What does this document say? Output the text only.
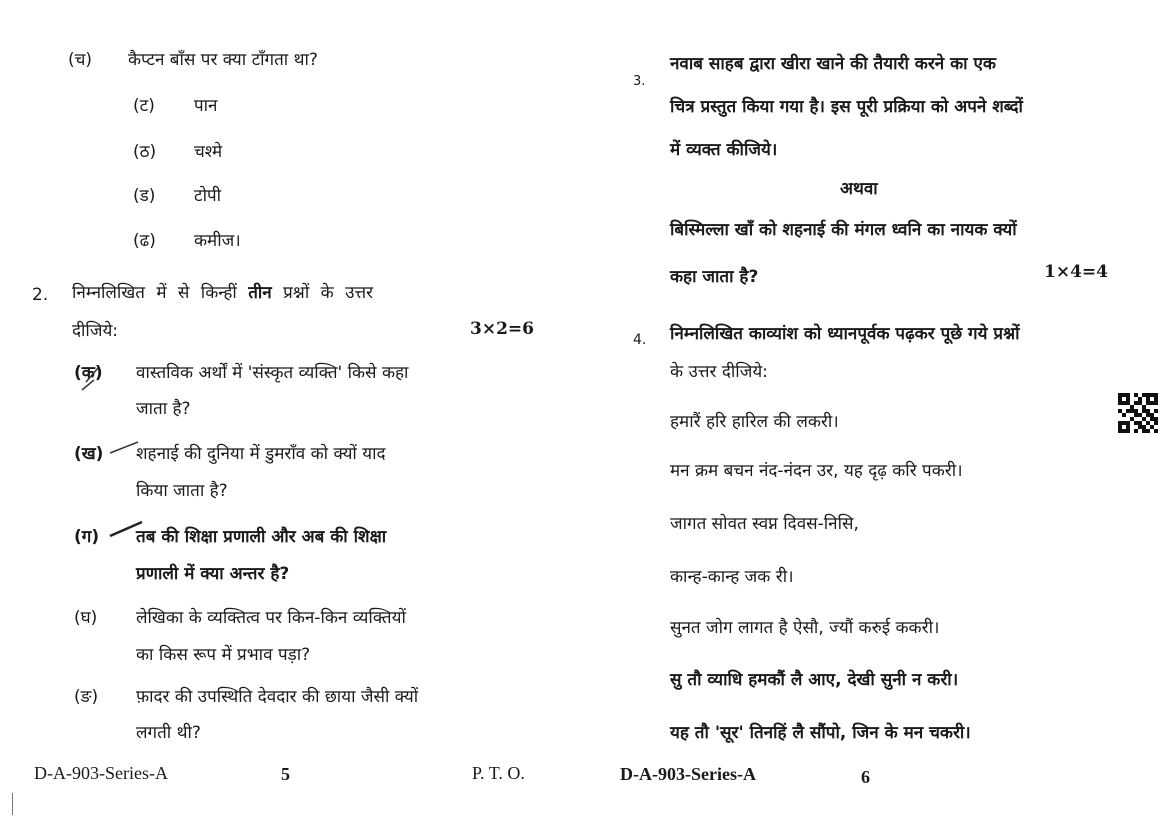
(च) कैप्टन बाँस पर क्या टाँगता था?
(ट) पान
(ठ) चश्मे
(ड) टोपी
(ढ) कमीज।
2. निम्नलिखित में से किन्हीं तीन प्रश्नों के उत्तर
दीजिये:	3×2=6
(क) वास्तविक अर्थों में 'संस्कृत व्यक्ति' किसे कहा
जाता है?
(ख) शहनाई की दुनिया में डुमराँव को क्यों याद
किया जाता है?
(ग) तब की शिक्षा प्रणाली और अब की शिक्षा
प्रणाली में क्या अन्तर है?
(घ) लेखिका के व्यक्तित्व पर किन-किन व्यक्तियों
का किस रूप में प्रभाव पड़ा?
(ङ) फ़ादर की उपस्थिति देवदार की छाया जैसी क्यों
लगती थी?
D-A-903-Series-A	5	P. T. O.
3.
नवाब साहब द्वारा खीरा खाने की तैयारी करने का एक
चित्र प्रस्तुत किया गया है। इस पूरी प्रक्रिया को अपने शब्दों
में व्यक्त कीजिये।
अथवा
बिस्मिल्ला खाँ को शहनाई की मंगल ध्वनि का नायक क्यों
कहा जाता है?	1×4=4
4. निम्नलिखित काव्यांश को ध्यानपूर्वक पढ़कर पूछे गये प्रश्नों
के उत्तर दीजिये:
हमारैं हरि हारिल की लकरी।
मन क्रम बचन नंद-नंदन उर, यह दृढ़ करि पकरी।
जागत सोवत स्वप्न दिवस-निसि,
कान्ह-कान्ह जक री।
सुनत जोग लागत है ऐसौ, ज्यौं करुई ककरी।
सु तौ व्याधि हमकौं लै आए, देखी सुनी न करी।
यह तौ 'सूर' तिनहिं लै सौंपो, जिन के मन चकरी।
D-A-903-Series-A	6
